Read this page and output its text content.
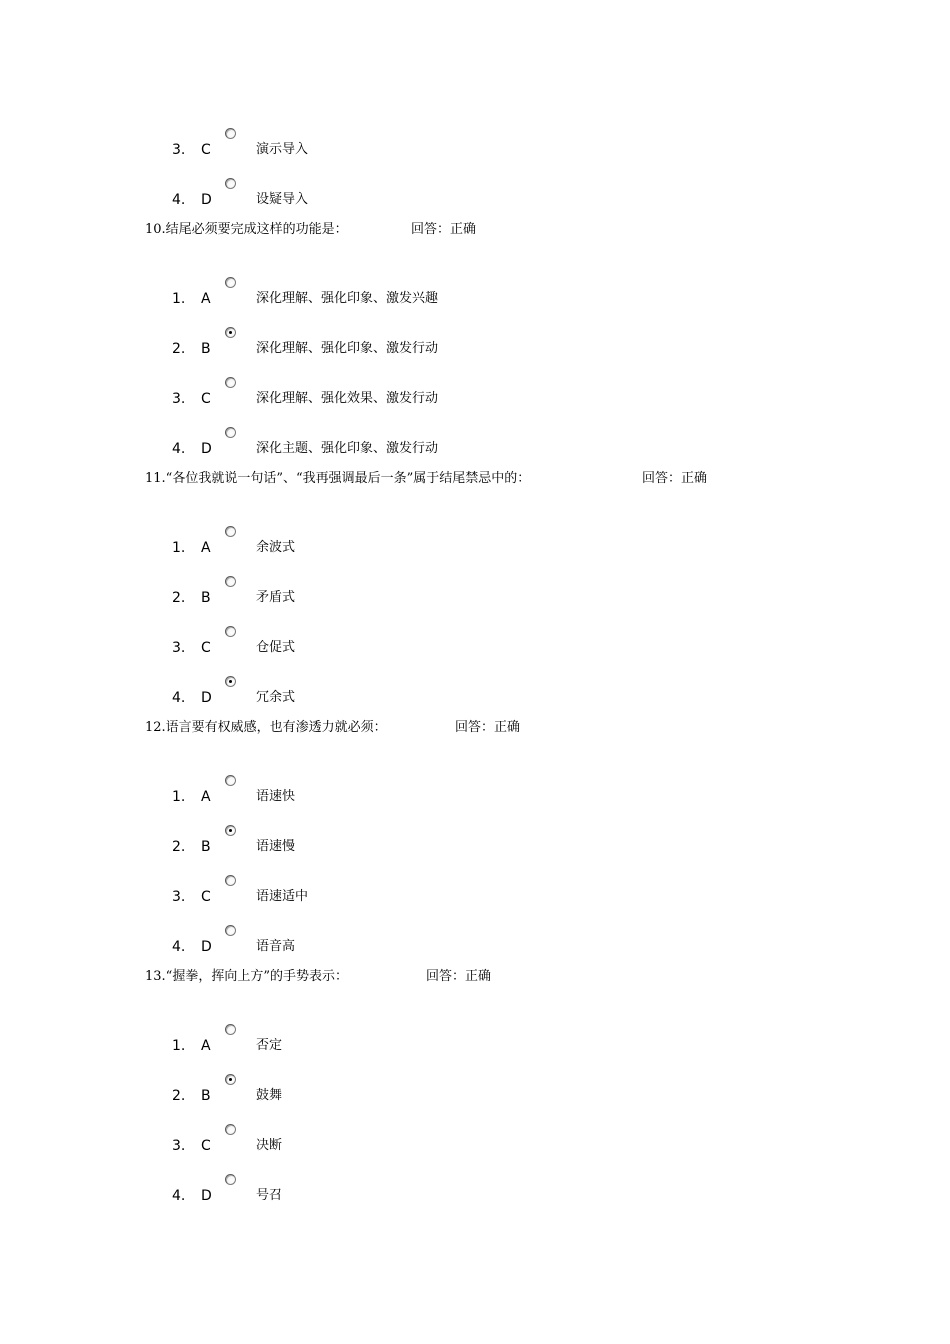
3. C	演示导入
4. D	设疑导入
10.结尾必须要完成这样的功能是：	回答：正确
1. A	深化理解、强化印象、激发兴趣
2. B	深化理解、强化印象、激发行动
3. C	深化理解、强化效果、激发行动
4. D	深化主题、强化印象、激发行动
11.“各位我就说一句话”、“我再强调最后一条”属于结尾禁忌中的：	回答：正确
1. A	余波式
2. B	矛盾式
3. C	仓促式
4. D	冗余式
12.语言要有权威感，也有渗透力就必须：	回答：正确
1. A	语速快
2. B	语速慢
3. C	语速适中
4. D	语音高
13.“握拳，挥向上方”的手势表示：	回答：正确
1. A	否定
2. B	鼓舞
3. C	决断
4. D	号召
